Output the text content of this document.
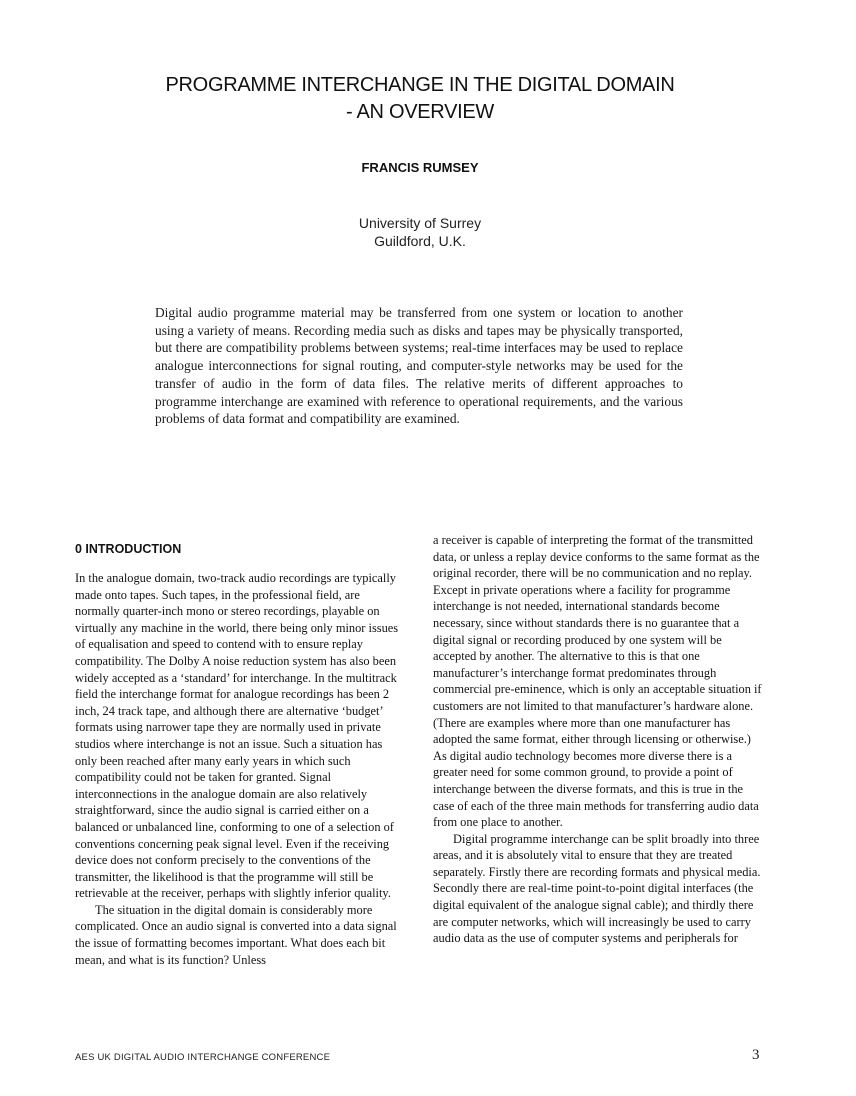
PROGRAMME INTERCHANGE IN THE DIGITAL DOMAIN
- AN OVERVIEW
FRANCIS RUMSEY
University of Surrey
Guildford, U.K.

Digital audio programme material may be transferred from one system or location to another using a variety of means. Recording media such as disks and tapes may be physically transported, but there are compatibility problems between systems; real-time interfaces may be used to replace analogue interconnections for signal routing, and computer-style networks may be used for the transfer of audio in the form of data files. The relative merits of different approaches to programme interchange are examined with reference to operational requirements, and the various problems of data format and compatibility are examined.

0 INTRODUCTION

In the analogue domain, two-track audio recordings are typically made onto tapes. Such tapes, in the professional field, are normally quarter-inch mono or stereo recordings, playable on virtually any machine in the world, there being only minor issues of equalisation and speed to contend with to ensure replay compatibility. The Dolby A noise reduction system has also been widely accepted as a ‘standard’ for interchange. In the multitrack field the interchange format for analogue recordings has been 2 inch, 24 track tape, and although there are alternative ‘budget’ formats using narrower tape they are normally used in private studios where interchange is not an issue. Such a situation has only been reached after many early years in which such compatibility could not be taken for granted. Signal interconnections in the analogue domain are also relatively straightforward, since the audio signal is carried either on a balanced or unbalanced line, conforming to one of a selection of conventions concerning peak signal level. Even if the receiving device does not conform precisely to the conventions of the transmitter, the likelihood is that the programme will still be retrievable at the receiver, perhaps with slightly inferior quality.

The situation in the digital domain is considerably more complicated. Once an audio signal is converted into a data signal the issue of formatting becomes important. What does each bit mean, and what is its function? Unless

a receiver is capable of interpreting the format of the transmitted data, or unless a replay device conforms to the same format as the original recorder, there will be no communication and no replay. Except in private operations where a facility for programme interchange is not needed, international standards become necessary, since without standards there is no guarantee that a digital signal or recording produced by one system will be accepted by another. The alternative to this is that one manufacturer’s interchange format predominates through commercial pre-eminence, which is only an acceptable situation if customers are not limited to that manufacturer’s hardware alone. (There are examples where more than one manufacturer has adopted the same format, either through licensing or otherwise.) As digital audio technology becomes more diverse there is a greater need for some common ground, to provide a point of interchange between the diverse formats, and this is true in the case of each of the three main methods for transferring audio data from one place to another.

Digital programme interchange can be split broadly into three areas, and it is absolutely vital to ensure that they are treated separately. Firstly there are recording formats and physical media. Secondly there are real-time point-to-point digital interfaces (the digital equivalent of the analogue signal cable); and thirdly there are computer networks, which will increasingly be used to carry audio data as the use of computer systems and peripherals for

AES UK DIGITAL AUDIO INTERCHANGE CONFERENCE	3
